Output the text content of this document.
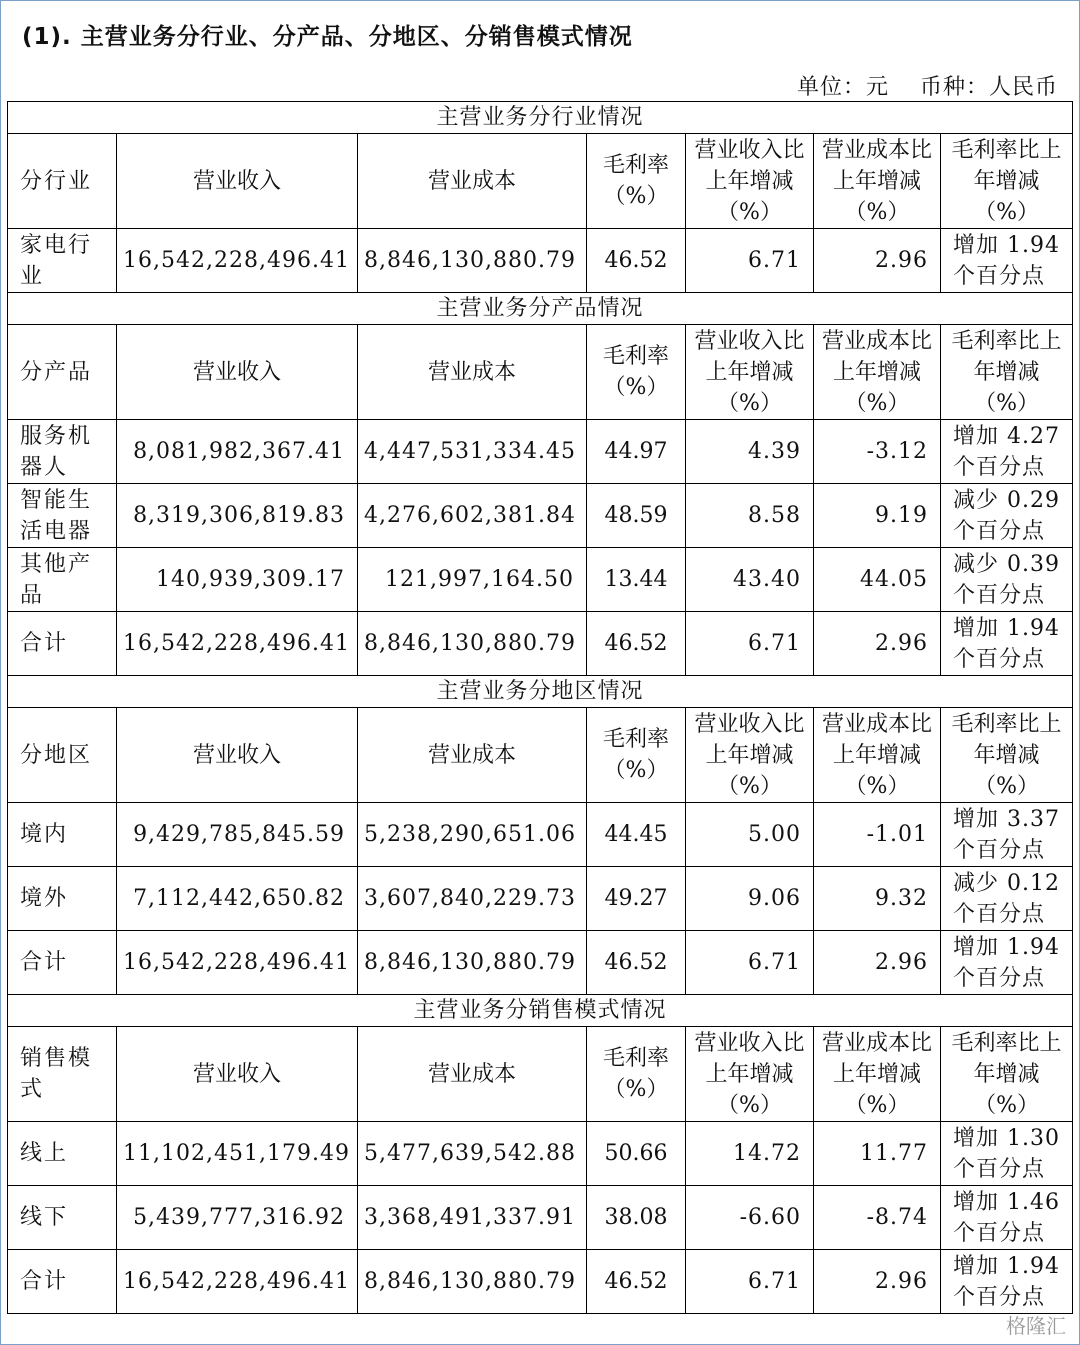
(1). 主营业务分行业、分产品、分地区、分销售模式情况
单位：元　 币种：人民币
主营业务分行业情况						
分行业	营业收入	营业成本	毛利率（%）	营业收入比上年增减（%）	营业成本比上年增减（%）	毛利率比上年增减（%）
家电行业	16,542,228,496.41	8,846,130,880.79	46.52	6.71	2.96	增加 1.94 个百分点
主营业务分产品情况						
分产品	营业收入	营业成本	毛利率（%）	营业收入比上年增减（%）	营业成本比上年增减（%）	毛利率比上年增减（%）
服务机器人	8,081,982,367.41	4,447,531,334.45	44.97	4.39	-3.12	增加 4.27 个百分点
智能生活电器	8,319,306,819.83	4,276,602,381.84	48.59	8.58	9.19	减少 0.29 个百分点
其他产品	140,939,309.17	121,997,164.50	13.44	43.40	44.05	减少 0.39 个百分点
合计	16,542,228,496.41	8,846,130,880.79	46.52	6.71	2.96	增加 1.94 个百分点
主营业务分地区情况						
分地区	营业收入	营业成本	毛利率（%）	营业收入比上年增减（%）	营业成本比上年增减（%）	毛利率比上年增减（%）
境内	9,429,785,845.59	5,238,290,651.06	44.45	5.00	-1.01	增加 3.37 个百分点
境外	7,112,442,650.82	3,607,840,229.73	49.27	9.06	9.32	减少 0.12 个百分点
合计	16,542,228,496.41	8,846,130,880.79	46.52	6.71	2.96	增加 1.94 个百分点
主营业务分销售模式情况						
销售模式	营业收入	营业成本	毛利率（%）	营业收入比上年增减（%）	营业成本比上年增减（%）	毛利率比上年增减（%）
线上	11,102,451,179.49	5,477,639,542.88	50.66	14.72	11.77	增加 1.30 个百分点
线下	5,439,777,316.92	3,368,491,337.91	38.08	-6.60	-8.74	增加 1.46 个百分点
合计	16,542,228,496.41	8,846,130,880.79	46.52	6.71	2.96	增加 1.94 个百分点
格隆汇
